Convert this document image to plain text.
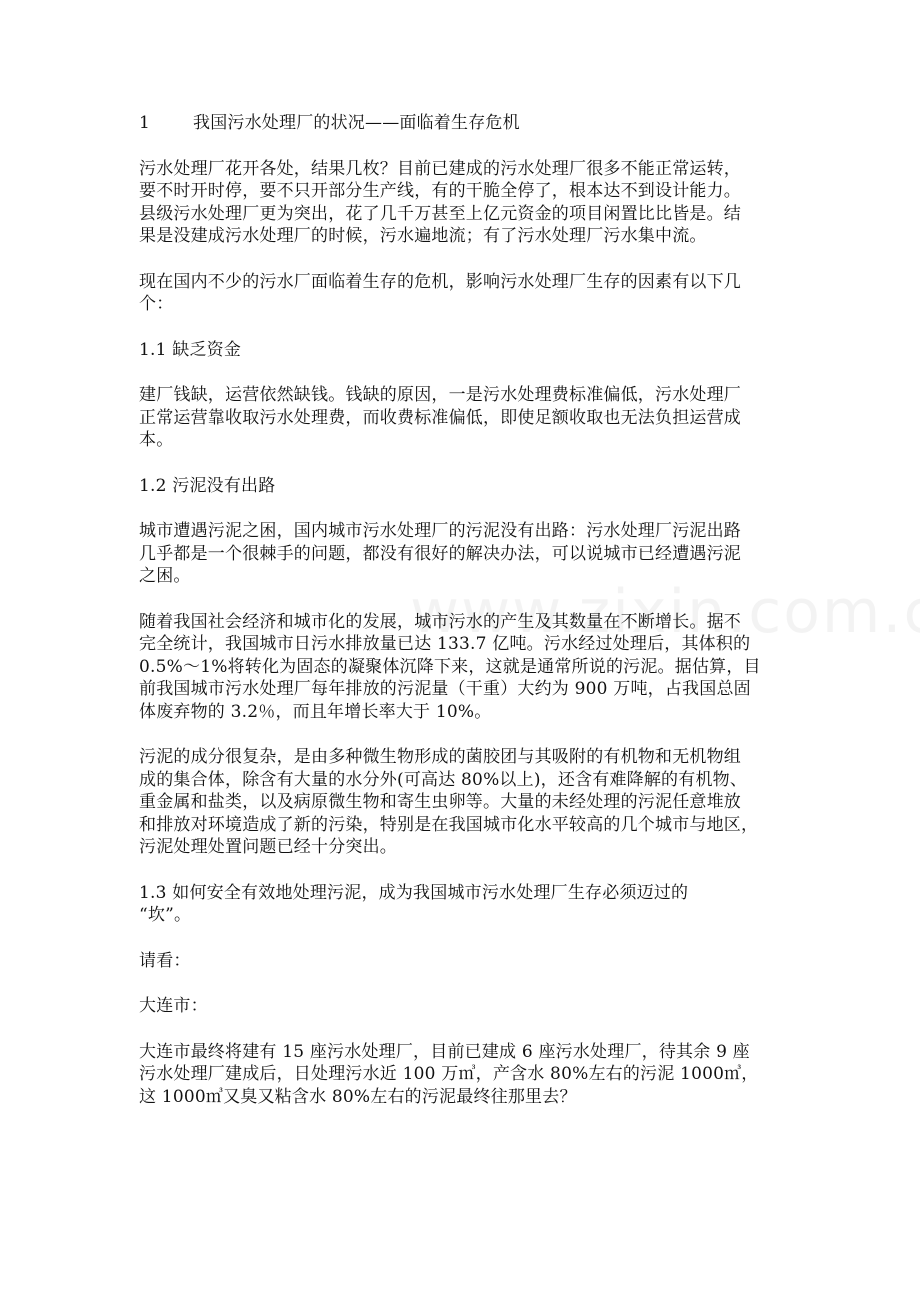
1	我国污水处理厂的状况——面临着生存危机
污水处理厂花开各处，结果几枚？目前已建成的污水处理厂很多不能正常运转，
要不时开时停，要不只开部分生产线，有的干脆全停了，根本达不到设计能力。
县级污水处理厂更为突出，花了几千万甚至上亿元资金的项目闲置比比皆是。结
果是没建成污水处理厂的时候，污水遍地流；有了污水处理厂污水集中流。
现在国内不少的污水厂面临着生存的危机，影响污水处理厂生存的因素有以下几
个：
1.1 缺乏资金
建厂钱缺，运营依然缺钱。钱缺的原因，一是污水处理费标准偏低，污水处理厂
正常运营靠收取污水处理费，而收费标准偏低，即使足额收取也无法负担运营成
本。
1.2 污泥没有出路
城市遭遇污泥之困，国内城市污水处理厂的污泥没有出路：污水处理厂污泥出路
几乎都是一个很棘手的问题，都没有很好的解决办法，可以说城市已经遭遇污泥
之困。
随着我国社会经济和城市化的发展，城市污水的产生及其数量在不断增长。据不
完全统计，我国城市日污水排放量已达 133.7 亿吨。污水经过处理后，其体积的
0.5%～1%将转化为固态的凝聚体沉降下来，这就是通常所说的污泥。据估算，目
前我国城市污水处理厂每年排放的污泥量（干重）大约为 900 万吨，占我国总固
体废弃物的 3.2％，而且年增长率大于 10%。
污泥的成分很复杂，是由多种微生物形成的菌胶团与其吸附的有机物和无机物组
成的集合体，除含有大量的水分外(可高达 80%以上)，还含有难降解的有机物、
重金属和盐类，以及病原微生物和寄生虫卵等。大量的未经处理的污泥任意堆放
和排放对环境造成了新的污染，特别是在我国城市化水平较高的几个城市与地区，
污泥处理处置问题已经十分突出。
1.3 如何安全有效地处理污泥，成为我国城市污水处理厂生存必须迈过的
“坎”。
请看：
大连市：
大连市最终将建有 15 座污水处理厂，目前已建成 6 座污水处理厂，待其余 9 座
污水处理厂建成后，日处理污水近 100 万㎥，产含水 80%左右的污泥 1000㎥，
这 1000㎥又臭又粘含水 80%左右的污泥最终往那里去？
